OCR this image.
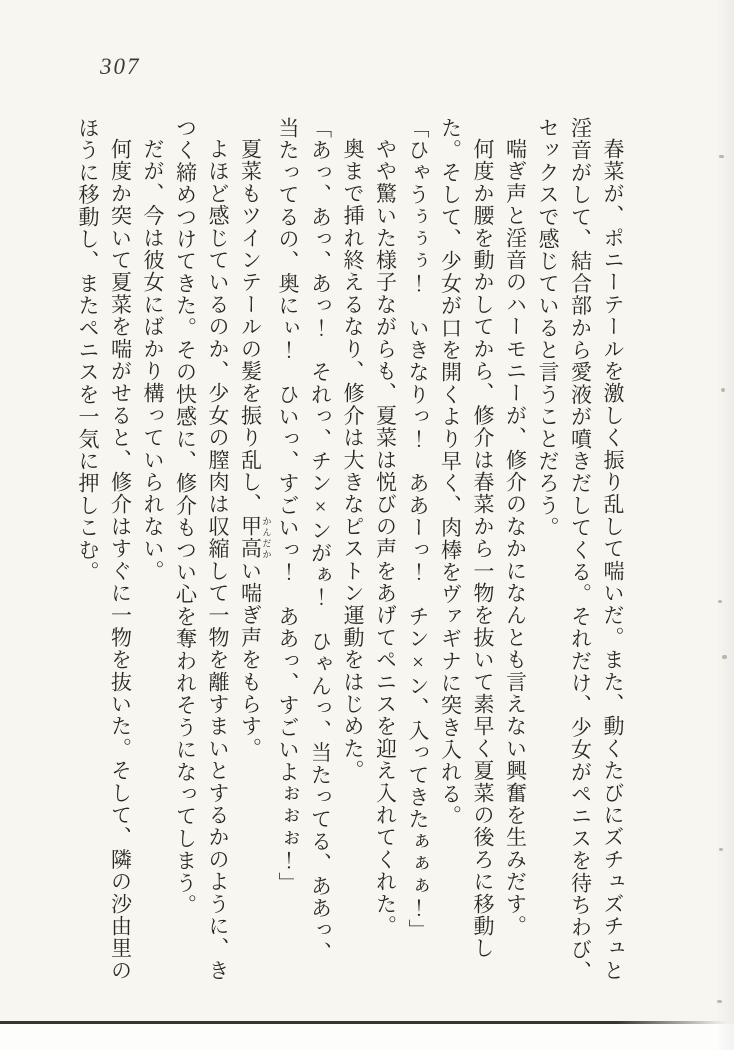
307

春菜が、ポニーテールを激しく振り乱して喘いだ。また、動くたびにズチュズチュと淫音がして、結合部から愛液が噴きだしてくる。それだけ、少女がペニスを待ちわび、セックスで感じていると言うことだろう。

喘ぎ声と淫音のハーモニーが、修介のなかになんとも言えない興奮を生みだす。

何度か腰を動かしてから、修介は春菜から一物を抜いて素早く夏菜の後ろに移動した。そして、少女が口を開くより早く、肉棒をヴァギナに突き入れる。

「ひゃうぅぅぅ！　いきなりっ！　ああーっ！　チン×ン、入ってきたぁぁぁ！」

やや驚いた様子ながらも、夏菜は悦びの声をあげてペニスを迎え入れてくれた。

奥まで挿れ終えるなり、修介は大きなピストン運動をはじめた。

「あっ、あっ、あっ！　それっ、チン×ンがぁ！　ひゃんっ、当たってる、ああっ、当たってるの、奥にぃ！　ひいっ、すごいっ！　ああっ、すごいよぉぉぉ！」

夏菜もツインテールの髪を振り乱し、甲高 かんだかい喘ぎ声をもらす。

よほど感じているのか、少女の膣肉は収縮して一物を離すまいとするかのように、きつく締めつけてきた。その快感に、修介もつい心を奪われそうになってしまう。

だが、今は彼女にばかり構っていられない。

何度か突いて夏菜を喘がせると、修介はすぐに一物を抜いた。そして、隣の沙由里のほうに移動し、またペニスを一気に押しこむ。
